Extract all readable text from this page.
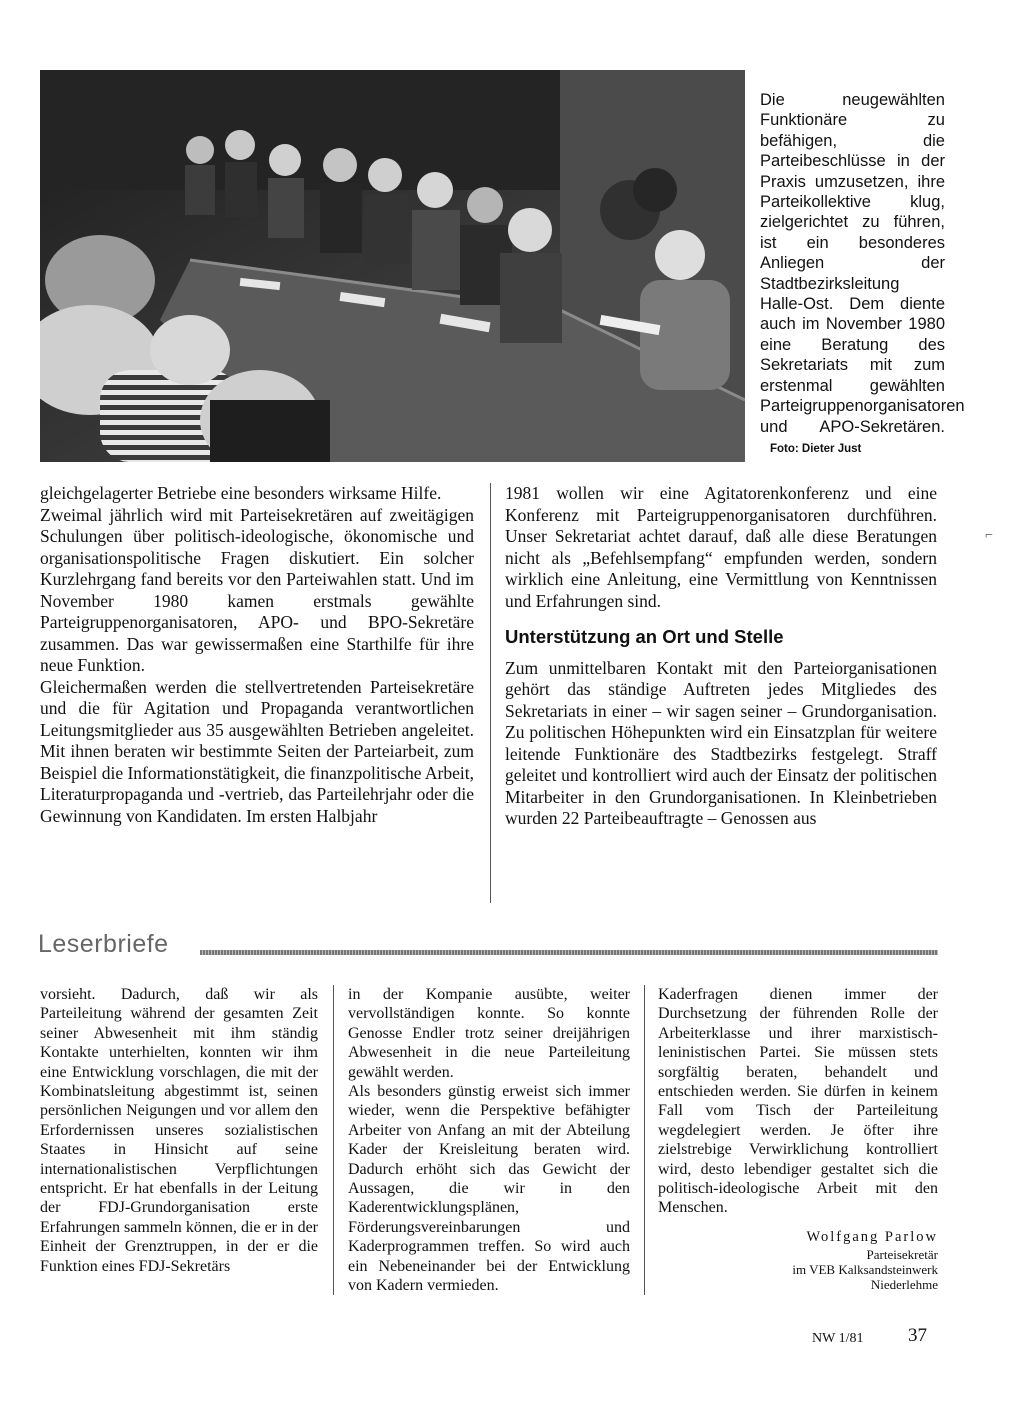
Die neugewählten Funktionäre zu befähigen, die Parteibeschlüsse in der Praxis umzusetzen, ihre Parteikollektive klug, zielgerichtet zu führen, ist ein besonderes Anliegen der Stadtbezirksleitung Halle-Ost. Dem diente auch im November 1980 eine Beratung des Sekretariats mit zum erstenmal gewählten Parteigruppenorganisatoren und APO-Sekretären. Foto: Dieter Just

gleichgelagerter Betriebe eine besonders wirksame Hilfe.

Zweimal jährlich wird mit Parteisekretären auf zweitägigen Schulungen über politisch-ideologische, ökonomische und organisationspolitische Fragen diskutiert. Ein solcher Kurzlehrgang fand bereits vor den Parteiwahlen statt. Und im November 1980 kamen erstmals gewählte Parteigruppenorganisatoren, APO- und BPO-Sekretäre zusammen. Das war gewissermaßen eine Starthilfe für ihre neue Funktion.

Gleichermaßen werden die stellvertretenden Parteisekretäre und die für Agitation und Propaganda verantwortlichen Leitungsmitglieder aus 35 ausgewählten Betrieben angeleitet. Mit ihnen beraten wir bestimmte Seiten der Parteiarbeit, zum Beispiel die Informationstätigkeit, die finanzpolitische Arbeit, Literaturpropaganda und -vertrieb, das Parteilehrjahr oder die Gewinnung von Kandidaten. Im ersten Halbjahr

1981 wollen wir eine Agitatorenkonferenz und eine Konferenz mit Parteigruppenorganisatoren durchführen. Unser Sekretariat achtet darauf, daß alle diese Beratungen nicht als „Befehlsempfang“ empfunden werden, sondern wirklich eine Anleitung, eine Vermittlung von Kenntnissen und Erfahrungen sind.

Unterstützung an Ort und Stelle

Zum unmittelbaren Kontakt mit den Parteiorganisationen gehört das ständige Auftreten jedes Mitgliedes des Sekretariats in einer – wir sagen seiner – Grundorganisation. Zu politischen Höhepunkten wird ein Einsatzplan für weitere leitende Funktionäre des Stadtbezirks festgelegt. Straff geleitet und kontrolliert wird auch der Einsatz der politischen Mitarbeiter in den Grundorganisationen. In Kleinbetrieben wurden 22 Parteibeauftragte – Genossen aus

⌐
Leserbriefe

vorsieht. Dadurch, daß wir als Parteileitung während der gesamten Zeit seiner Abwesenheit mit ihm ständig Kontakte unterhielten, konnten wir ihm eine Entwicklung vorschlagen, die mit der Kombinatsleitung abgestimmt ist, seinen persönlichen Neigungen und vor allem den Erfordernissen unseres sozialistischen Staates in Hinsicht auf seine internationalistischen Verpflichtungen entspricht. Er hat ebenfalls in der Leitung der FDJ-Grundorganisation erste Erfahrungen sammeln können, die er in der Einheit der Grenztruppen, in der er die Funktion eines FDJ-Sekretärs

in der Kompanie ausübte, weiter vervollständigen konnte. So konnte Genosse Endler trotz seiner dreijährigen Abwesenheit in die neue Parteileitung gewählt werden.

Als besonders günstig erweist sich immer wieder, wenn die Perspektive befähigter Arbeiter von Anfang an mit der Abteilung Kader der Kreisleitung beraten wird. Dadurch erhöht sich das Gewicht der Aussagen, die wir in den Kaderentwicklungsplänen, Förderungsvereinbarungen und Kaderprogrammen treffen. So wird auch ein Nebeneinander bei der Entwicklung von Kadern vermieden.

Kaderfragen dienen immer der Durchsetzung der führenden Rolle der Arbeiterklasse und ihrer marxistisch-leninistischen Partei. Sie müssen stets sorgfältig beraten, behandelt und entschieden werden. Sie dürfen in keinem Fall vom Tisch der Parteileitung wegdelegiert werden. Je öfter ihre zielstrebige Verwirklichung kontrolliert wird, desto lebendiger gestaltet sich die politisch-ideologische Arbeit mit den Menschen.

Wolfgang Parlow
Parteisekretär
im VEB Kalksandsteinwerk
Niederlehme
NW 1/81 37
